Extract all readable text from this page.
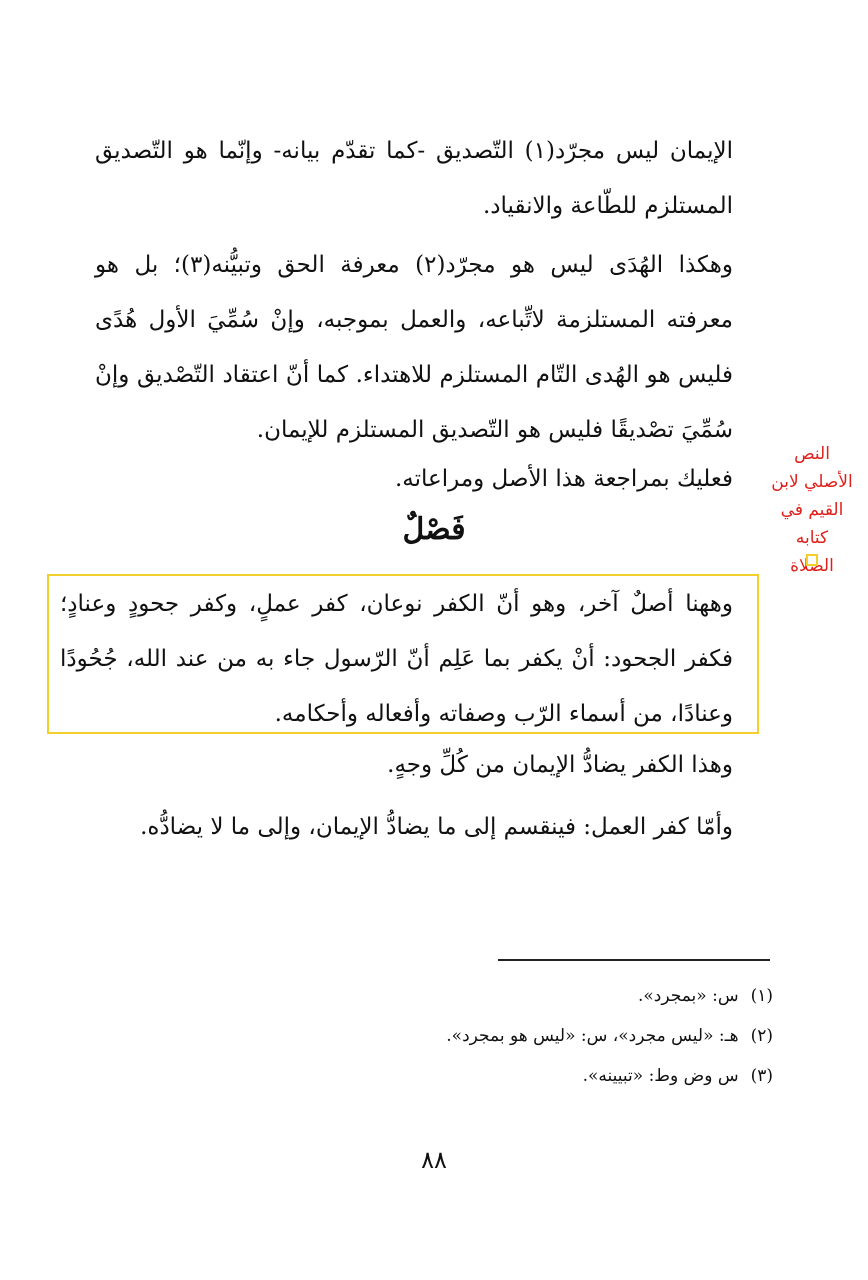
الإيمان ليس مجرّد(١) التّصديق -كما تقدّم بيانه- وإنّما هو التّصديق المستلزم للطّاعة والانقياد.

وهكذا الهُدَى ليس هو مجرّد(٢) معرفة الحق وتبيُّنه(٣)؛ بل هو معرفته المستلزمة لاتِّباعه، والعمل بموجبه، وإنْ سُمِّيَ الأول هُدًى فليس هو الهُدى التّام المستلزم للاهتداء. كما أنّ اعتقاد التّصْديق وإنْ سُمِّيَ تصْديقًا فليس هو التّصديق المستلزم للإيمان.

فعليك بمراجعة هذا الأصل ومراعاته.

فَصْلٌ

وههنا أصلٌ آخر، وهو أنّ الكفر نوعان، كفر عملٍ، وكفر جحودٍ وعنادٍ؛ فكفر الجحود: أنْ يكفر بما عَلِم أنّ الرّسول جاء به من عند الله، جُحُودًا وعنادًا، من أسماء الرّب وصفاته وأفعاله وأحكامه.

وهذا الكفر يضادُّ الإيمان من كُلِّ وجهٍ.

وأمّا كفر العمل: فينقسم إلى ما يضادُّ الإيمان، وإلى ما لا يضادُّه.

النص
الأصلي لابن
القيم في
كتابه
الصلاة
(١)س: «بمجرد».
(٢)هـ: «ليس مجرد»، س: «ليس هو بمجرد».
(٣)س وض وط: «تبيينه».
٨٨
